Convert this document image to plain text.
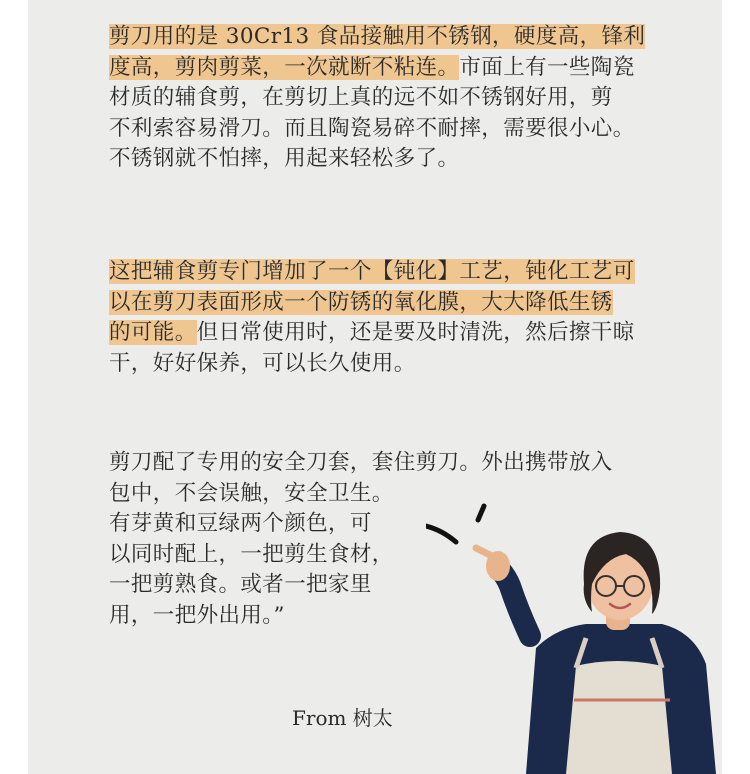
剪刀用的是 30Cr13 食品接触用不锈钢，硬度高，锋利
度高，剪肉剪菜，一次就断不粘连。市面上有一些陶瓷
材质的辅食剪，在剪切上真的远不如不锈钢好用，剪
不利索容易滑刀。而且陶瓷易碎不耐摔，需要很小心。
不锈钢就不怕摔，用起来轻松多了。

这把辅食剪专门增加了一个【钝化】工艺，钝化工艺可
以在剪刀表面形成一个防锈的氧化膜，大大降低生锈
的可能。但日常使用时，还是要及时清洗，然后擦干晾
干，好好保养，可以长久使用。

剪刀配了专用的安全刀套，套住剪刀。外出携带放入
包中，不会误触，安全卫生。
有芽黄和豆绿两个颜色，可
以同时配上，一把剪生食材，
一把剪熟食。或者一把家里
用，一把外出用。”

From 树太
